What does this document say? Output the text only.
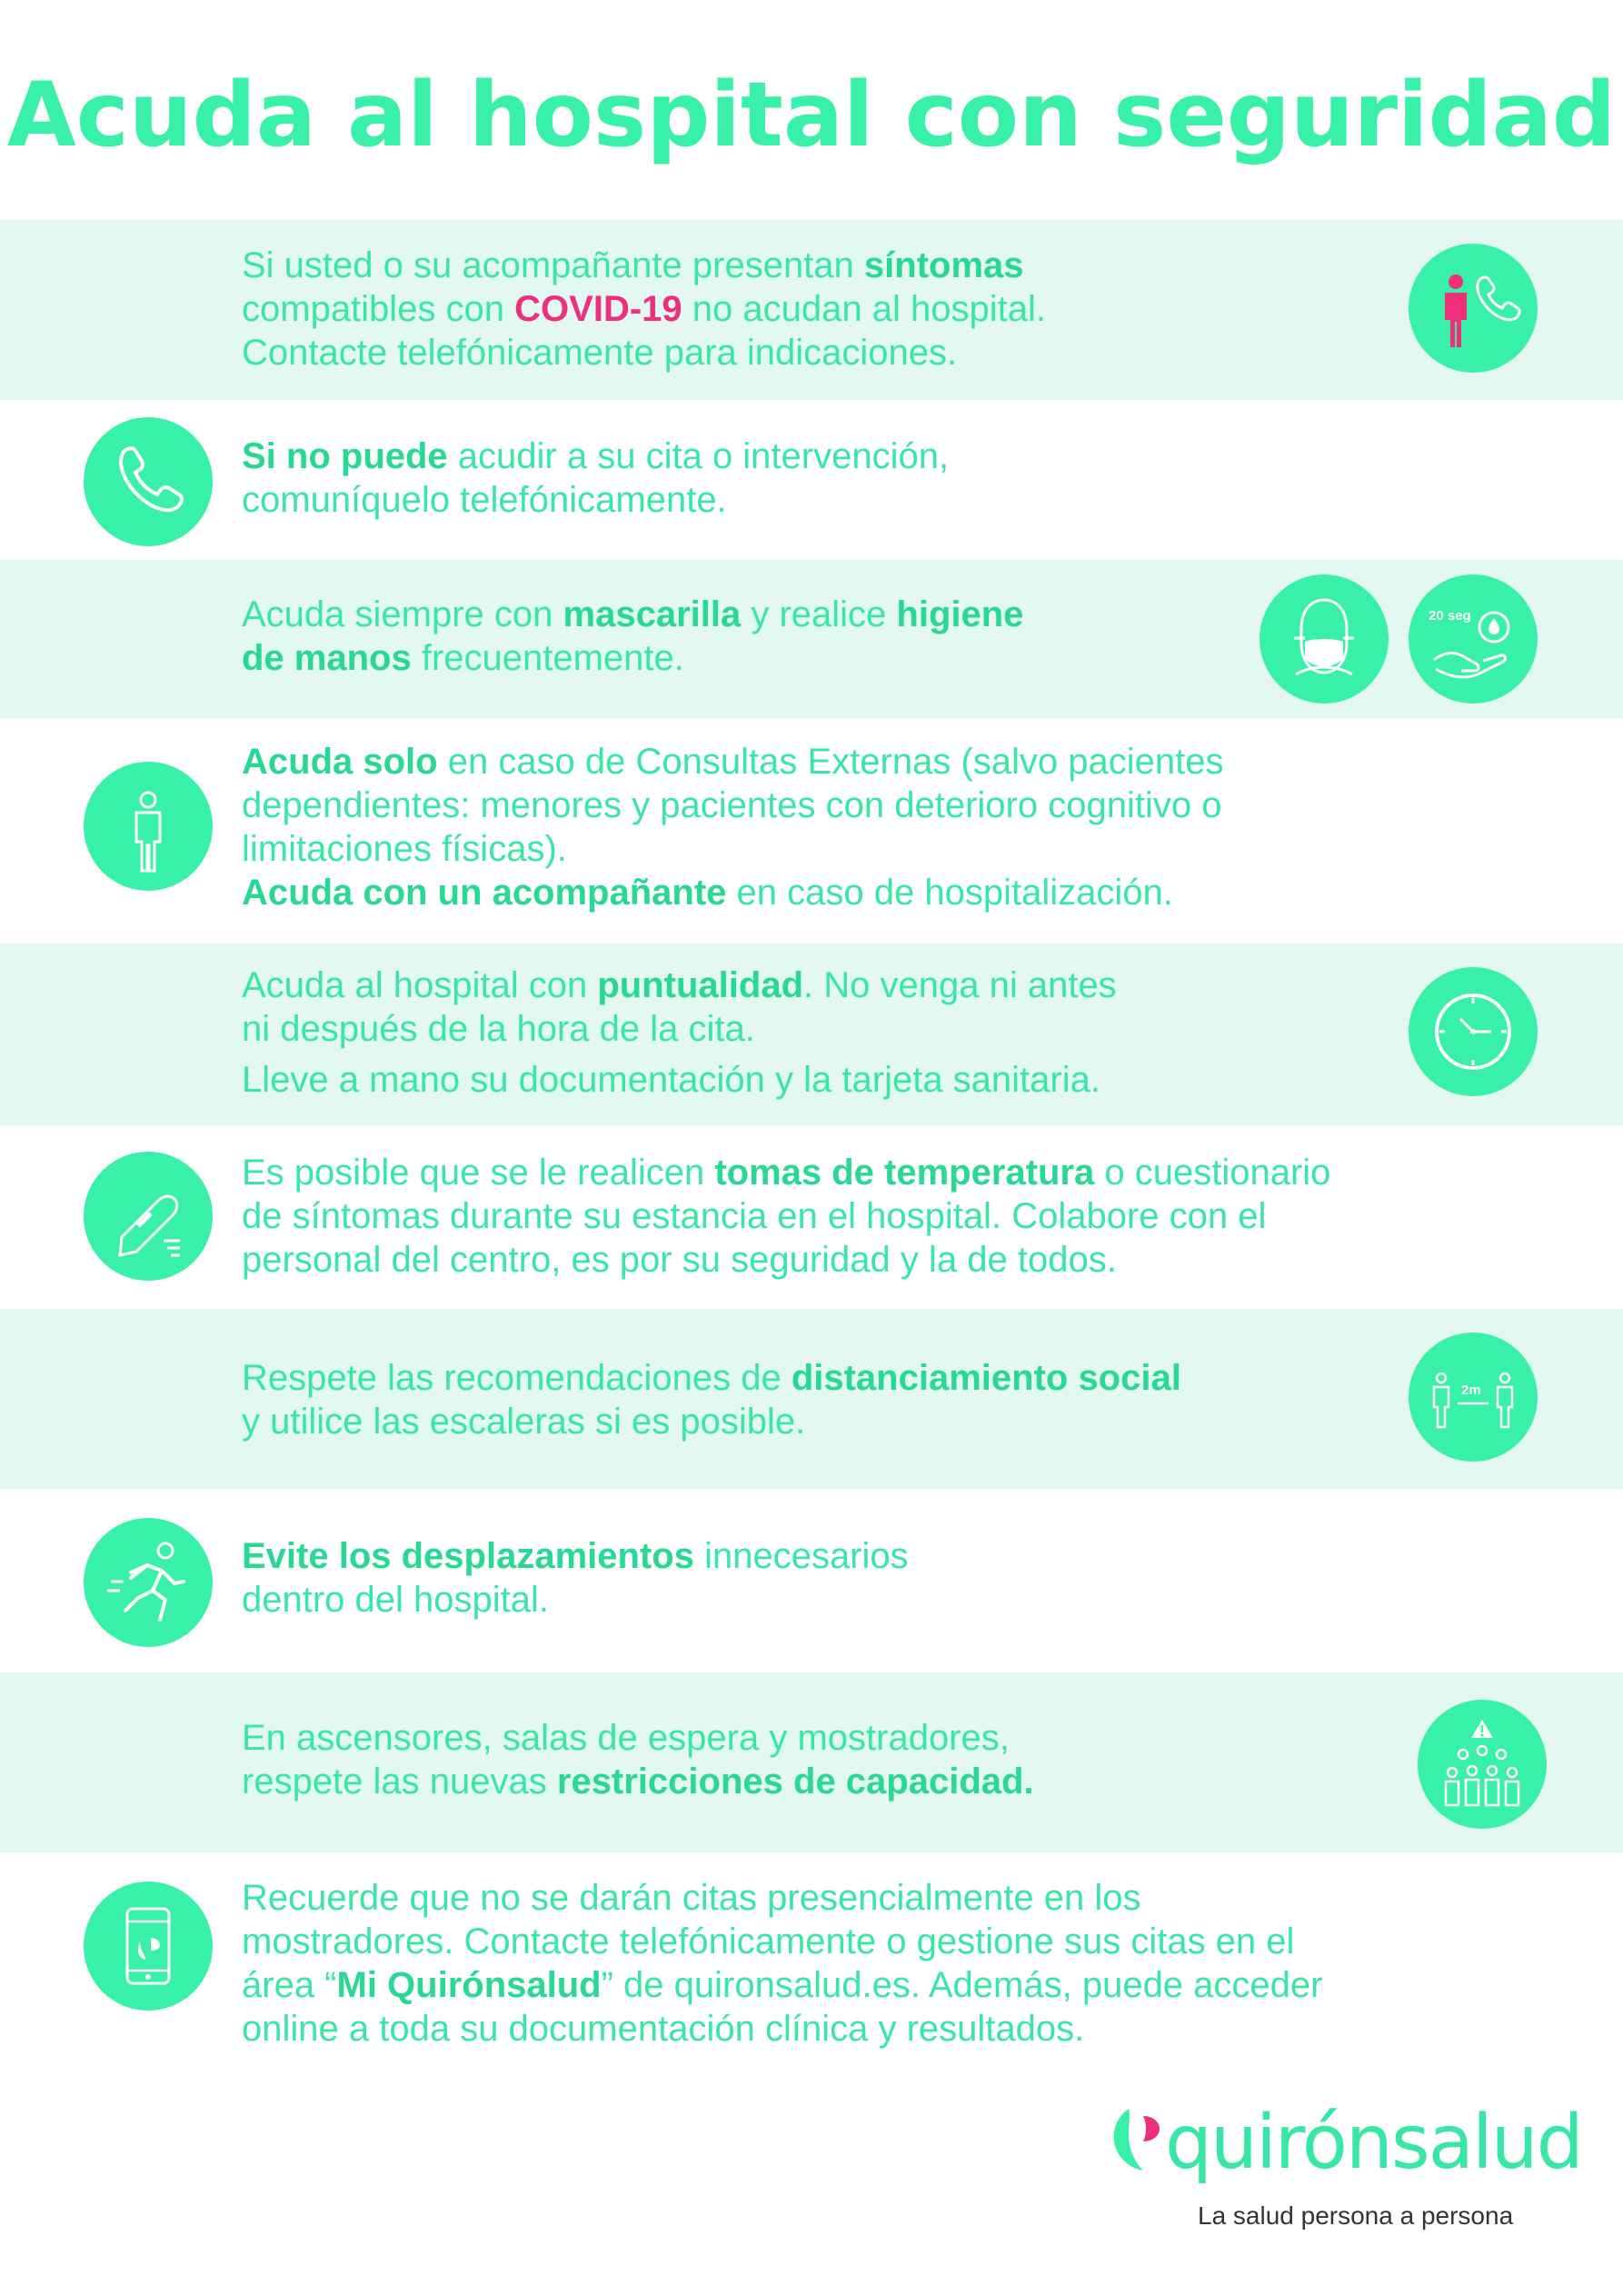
Acuda al hospital con seguridad
Si usted o su acompañante presentan síntomas
compatibles con COVID-19 no acudan al hospital.
Contacte telefónicamente para indicaciones.
Si no puede acudir a su cita o intervención,
comuníquelo telefónicamente.
Acuda siempre con mascarilla y realice higiene
de manos frecuentemente.
20 seg
Acuda solo en caso de Consultas Externas (salvo pacientes
dependientes: menores y pacientes con deterioro cognitivo o
limitaciones físicas).
Acuda con un acompañante en caso de hospitalización.
Acuda al hospital con puntualidad. No venga ni antes
ni después de la hora de la cita.
Lleve a mano su documentación y la tarjeta sanitaria.
Es posible que se le realicen tomas de temperatura o cuestionario
de síntomas durante su estancia en el hospital. Colabore con el
personal del centro, es por su seguridad y la de todos.
Respete las recomendaciones de distanciamiento social
y utilice las escaleras si es posible.
2m
Evite los desplazamientos innecesarios
dentro del hospital.
En ascensores, salas de espera y mostradores,
respete las nuevas restricciones de capacidad.
Recuerde que no se darán citas presencialmente en los
mostradores. Contacte telefónicamente o gestione sus citas en el
área “Mi Quirónsalud” de quironsalud.es. Además, puede acceder
online a toda su documentación clínica y resultados.
quirónsalud
La salud persona a persona
